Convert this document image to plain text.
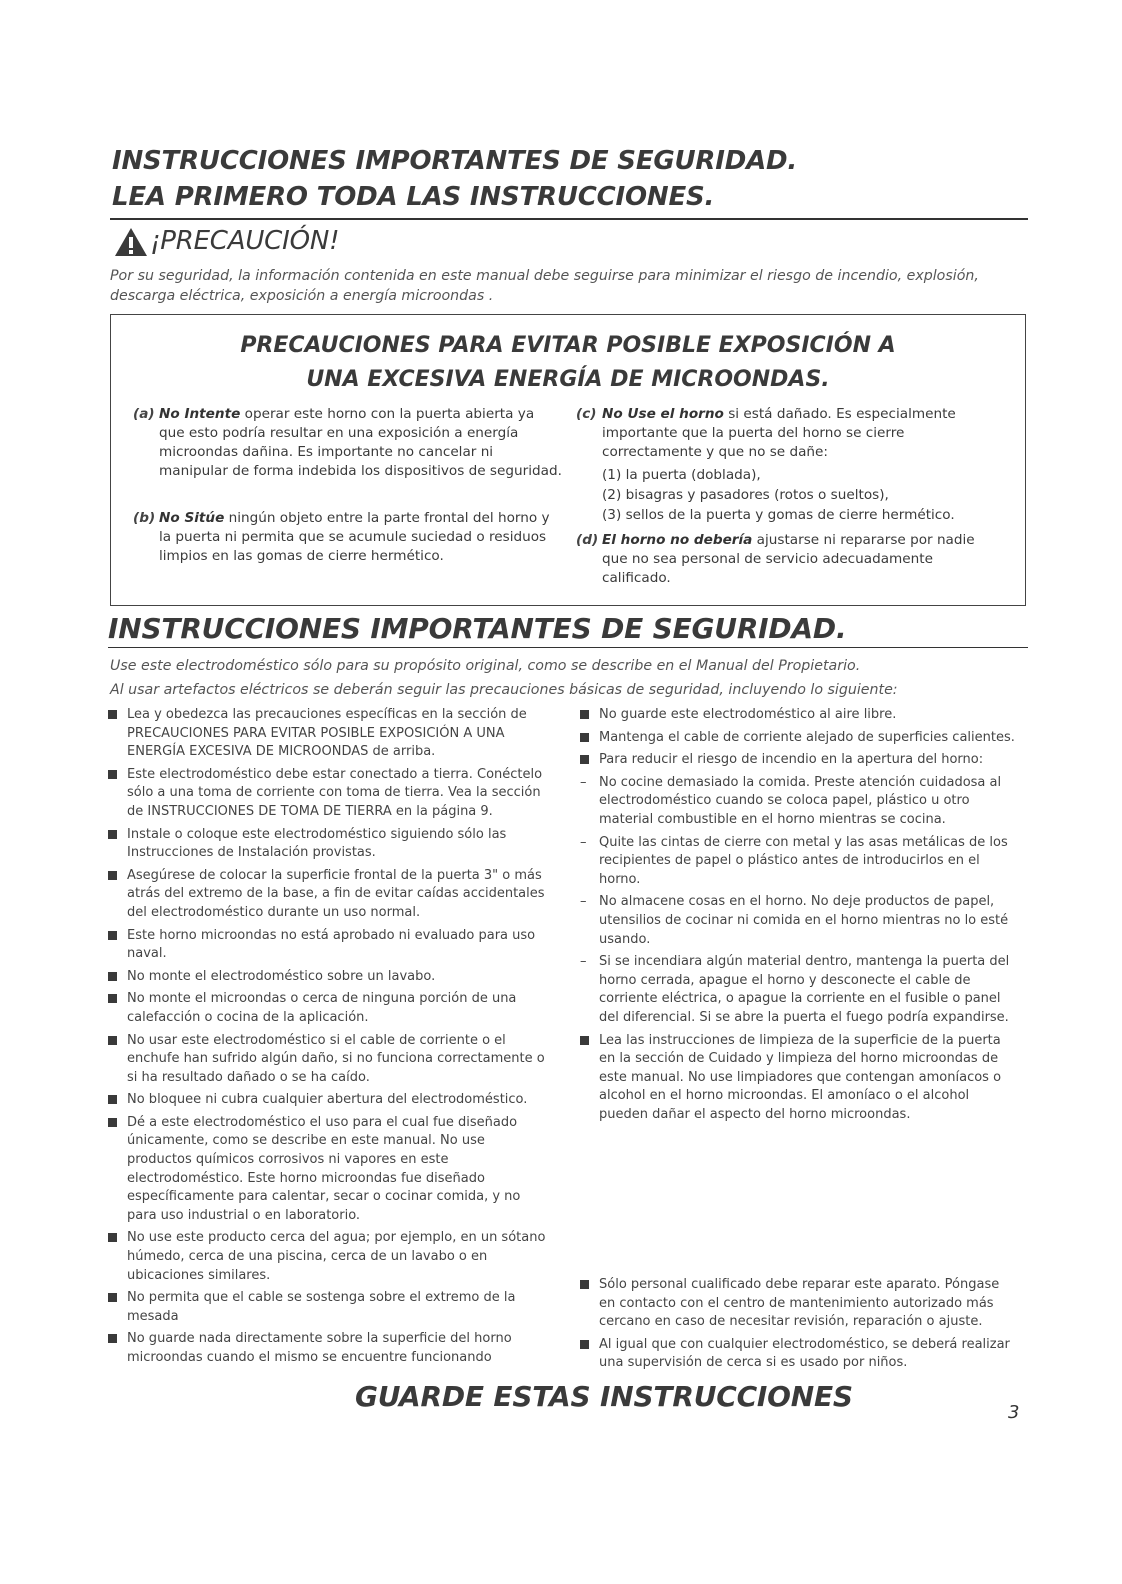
INSTRUCCIONES IMPORTANTES DE SEGURIDAD.
LEA PRIMERO TODA LAS INSTRUCCIONES.
¡PRECAUCIÓN!
Por su seguridad, la información contenida en este manual debe seguirse para minimizar el riesgo de incendio, explosión, descarga eléctrica, exposición a energía microondas .
PRECAUCIONES PARA EVITAR POSIBLE EXPOSICIÓN A
UNA EXCESIVA ENERGÍA DE MICROONDAS.
(a) No Intente operar este horno con la puerta abierta ya que esto podría resultar en una exposición a energía microondas dañina. Es importante no cancelar ni manipular de forma indebida los dispositivos de seguridad.
(b) No Sitúe ningún objeto entre la parte frontal del horno y la puerta ni permita que se acumule suciedad o residuos limpios en las gomas de cierre hermético.
(c) No Use el horno si está dañado. Es especialmente importante que la puerta del horno se cierre correctamente y que no se dañe:
(1) la puerta (doblada),
(2) bisagras y pasadores (rotos o sueltos),
(3) sellos de la puerta y gomas de cierre hermético.
(d) El horno no debería ajustarse ni repararse por nadie que no sea personal de servicio adecuadamente calificado.
INSTRUCCIONES IMPORTANTES DE SEGURIDAD.
Use este electrodoméstico sólo para su propósito original, como se describe en el Manual del Propietario.
Al usar artefactos eléctricos se deberán seguir las precauciones básicas de seguridad, incluyendo lo siguiente:
Lea y obedezca las precauciones específicas en la sección de PRECAUCIONES PARA EVITAR POSIBLE EXPOSICIÓN A UNA ENERGÍA EXCESIVA DE MICROONDAS de arriba.
Este electrodoméstico debe estar conectado a tierra. Conéctelo sólo a una toma de corriente con toma de tierra. Vea la sección de INSTRUCCIONES DE TOMA DE TIERRA en la página 9.
Instale o coloque este electrodoméstico siguiendo sólo las Instrucciones de Instalación provistas.
Asegúrese de colocar la superficie frontal de la puerta 3" o más atrás del extremo de la base, a fin de evitar caídas accidentales del electrodoméstico durante un uso normal.
Este horno microondas no está aprobado ni evaluado para uso naval.
No monte el electrodoméstico sobre un lavabo.
No monte el microondas o cerca de ninguna porción de una calefacción o cocina de la aplicación.
No usar este electrodoméstico si el cable de corriente o el enchufe han sufrido algún daño, si no funciona correctamente o si ha resultado dañado o se ha caído.
No bloquee ni cubra cualquier abertura del electrodoméstico.
Dé a este electrodoméstico el uso para el cual fue diseñado únicamente, como se describe en este manual. No use productos químicos corrosivos ni vapores en este electrodoméstico. Este horno microondas fue diseñado específicamente para calentar, secar o cocinar comida, y no para uso industrial o en laboratorio.
No use este producto cerca del agua; por ejemplo, en un sótano húmedo, cerca de una piscina, cerca de un lavabo o en ubicaciones similares.
No permita que el cable se sostenga sobre el extremo de la mesada
No guarde nada directamente sobre la superficie del horno microondas cuando el mismo se encuentre funcionando
No guarde este electrodoméstico al aire libre.
Mantenga el cable de corriente alejado de superficies calientes.
Para reducir el riesgo de incendio en la apertura del horno:
– No cocine demasiado la comida. Preste atención cuidadosa al electrodoméstico cuando se coloca papel, plástico u otro material combustible en el horno mientras se cocina.
– Quite las cintas de cierre con metal y las asas metálicas de los recipientes de papel o plástico antes de introducirlos en el horno.
– No almacene cosas en el horno. No deje productos de papel, utensilios de cocinar ni comida en el horno mientras no lo esté usando.
– Si se incendiara algún material dentro, mantenga la puerta del horno cerrada, apague el horno y desconecte el cable de corriente eléctrica, o apague la corriente en el fusible o panel del diferencial. Si se abre la puerta el fuego podría expandirse.
Lea las instrucciones de limpieza de la superficie de la puerta en la sección de Cuidado y limpieza del horno microondas de este manual. No use limpiadores que contengan amoníacos o alcohol en el horno microondas. El amoníaco o el alcohol pueden dañar el aspecto del horno microondas.
Sólo personal cualificado debe reparar este aparato. Póngase en contacto con el centro de mantenimiento autorizado más cercano en caso de necesitar revisión, reparación o ajuste.
Al igual que con cualquier electrodoméstico, se deberá realizar una supervisión de cerca si es usado por niños.
GUARDE ESTAS INSTRUCCIONES	3
